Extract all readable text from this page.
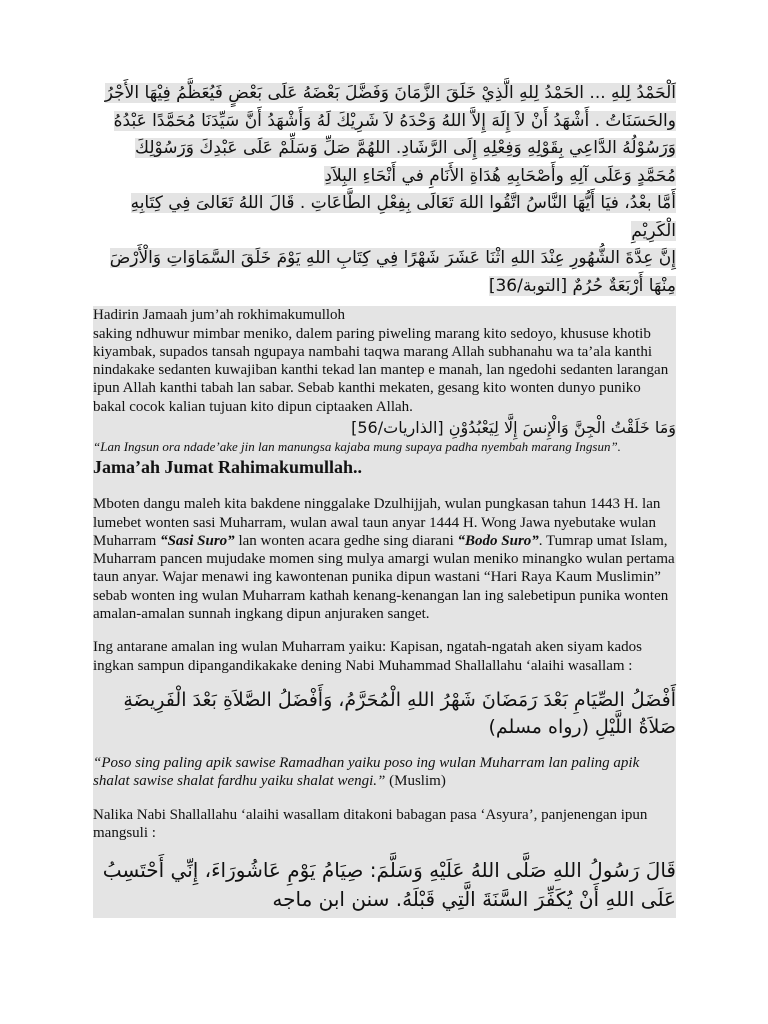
اَلْحَمْدُ لِلهِ ... الحَمْدُ لِلهِ الَّذِيْ خَلَقَ الزَّمَانَ وَفَضَّلَ بَعْضَهُ عَلَى بَعْضٍ فَيُعَظَّمُ فِيْهَا الأَجْرُ والحَسَنَاتُ . أَشْهَدُ أَنْ لاَ إِلَهَ إِلاَّ اللهُ وَحْدَهُ لاَ شَرِيْكَ لَهُ وَأَشْهَدُ أَنَّ سَيِّدَنَا مُحَمَّدًا عَبْدُهُ وَرَسُوْلُهُ الدَّاعِي بِقَوْلِهِ وَفِعْلِهِ إِلَى الرَّشَادِ. اللهُمَّ صَلِّ وَسَلِّمْ عَلَى عَبْدِكَ وَرَسُوْلِكَ مُحَمَّدٍ وَعَلَى آلِهِ وأَصْحَابِهِ هُدَاةِ الأَنَامِ في أَنْحَاءِ البِلاَدِ

أَمَّا بعْدُ، فيَا أَيُّهَا النَّاسُ اتَّقُوا اللهَ تَعَالَى بِفِعْلِ الطَّاعَاتِ . قَالَ اللهُ تَعَالىَ فِي كِتَابِهِ الْكَرِيْمِ

إِنَّ عِدَّةَ الشُّهُورِ عِنْدَ اللهِ اثْنَا عَشَرَ شَهْرًا فِي كِتَابِ اللهِ يَوْمَ خَلَقَ السَّمَاوَاتِ وَالْأَرْضَ مِنْهَا أَرْبَعَةٌ حُرُمٌ [التوبة/36]

Hadirin Jamaah jum’ah rokhimakumulloh

saking ndhuwur mimbar meniko, dalem paring piweling marang kito sedoyo, khususe khotib kiyambak, supados tansah ngupaya nambahi taqwa marang Allah subhanahu wa ta’ala kanthi nindakake sedanten kuwajiban kanthi tekad lan mantep e manah, lan ngedohi sedanten larangan ipun Allah kanthi tabah lan sabar. Sebab kanthi mekaten, gesang kito wonten dunyo puniko bakal cocok kalian tujuan kito dipun ciptaaken Allah.

وَمَا خَلَقْتُ الْجِنَّ وَالْإِنسَ إِلَّا لِيَعْبُدُوْنِ [الذاريات/56]

“Lan Ingsun ora ndade’ake jin lan manungsa kajaba mung supaya padha nyembah marang Ingsun”.

Jama’ah Jumat Rahimakumullah..

Mboten dangu maleh kita bakdene ninggalake Dzulhijjah, wulan pungkasan tahun 1443 H. lan lumebet wonten sasi Muharram, wulan awal taun anyar 1444 H. Wong Jawa nyebutake wulan Muharram “Sasi Suro” lan wonten acara gedhe sing diarani “Bodo Suro”. Tumrap umat Islam, Muharram pancen mujudake momen sing mulya amargi wulan meniko minangko wulan pertama taun anyar. Wajar menawi ing kawontenan punika dipun wastani “Hari Raya Kaum Muslimin” sebab wonten ing wulan Muharram kathah kenang-kenangan lan ing salebetipun punika wonten amalan-amalan sunnah ingkang dipun anjuraken sanget.

Ing antarane amalan ing wulan Muharram yaiku: Kapisan, ngatah-ngatah aken siyam kados ingkan sampun dipangandikakake dening Nabi Muhammad Shallallahu ‘alaihi wasallam :

أَفْضَلُ الصِّيَامِ بَعْدَ رَمَضَانَ شَهْرُ اللهِ الْمُحَرَّمُ، وَأَفْضَلُ الصَّلاَةِ بَعْدَ الْفَرِيضَةِ صَلاَةُ اللَّيْلِ (رواه مسلم)

“Poso sing paling apik sawise Ramadhan yaiku poso ing wulan Muharram lan paling apik shalat sawise shalat fardhu yaiku shalat wengi.” (Muslim)

Nalika Nabi Shallallahu ‘alaihi wasallam ditakoni babagan pasa ‘Asyura’, panjenengan ipun mangsuli :

قَالَ رَسُولُ اللهِ صَلَّى اللهُ عَلَيْهِ وَسَلَّمَ: صِيَامُ يَوْمِ عَاشُورَاءَ، إِنِّي أَحْتَسِبُ عَلَى اللهِ أَنْ يُكَفِّرَ السَّنَةَ الَّتِي قَبْلَهُ. سنن ابن ماجه
